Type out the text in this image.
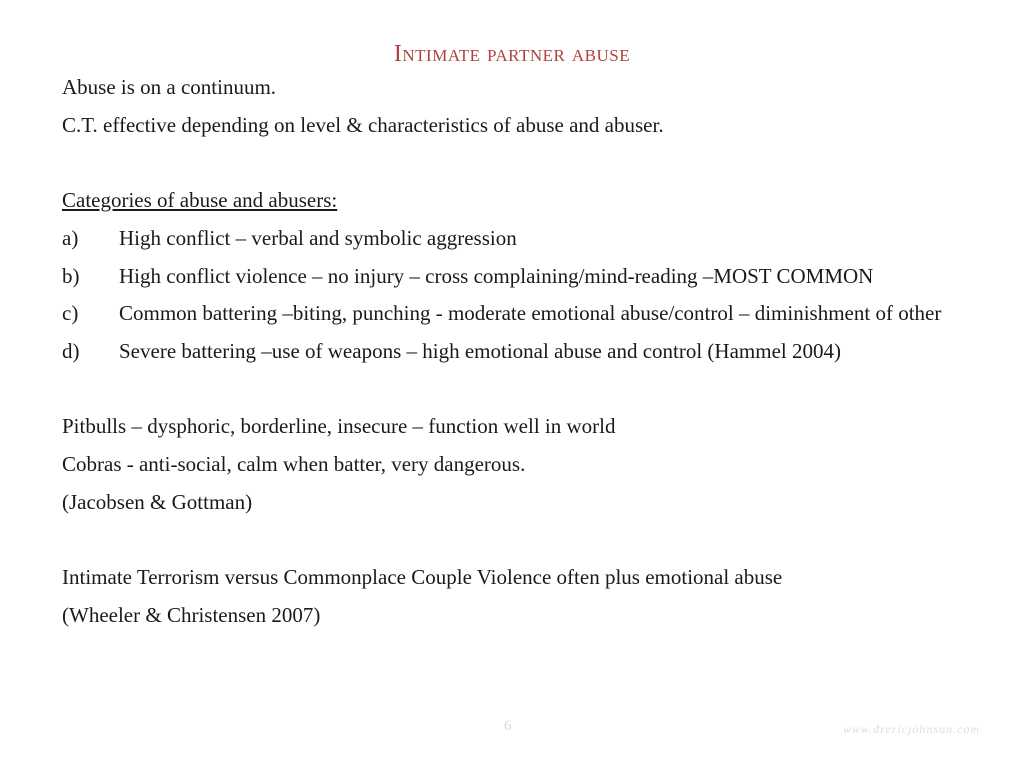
Intimate partner abuse

Abuse is on a continuum.

C.T. effective depending on level & characteristics of abuse and abuser.

Categories of abuse and abusers:

a)	High conflict – verbal and symbolic aggression
b)	High conflict violence – no injury – cross complaining/mind-reading –MOST COMMON
c)	Common battering –biting, punching - moderate emotional abuse/control – diminishment of other
d)	Severe battering –use of weapons – high emotional abuse and control (Hammel 2004)

Pitbulls – dysphoric, borderline, insecure – function well in world

Cobras - anti-social, calm when batter, very dangerous.

(Jacobsen & Gottman)

Intimate Terrorism versus Commonplace Couple Violence often plus emotional abuse

(Wheeler & Christensen 2007)

6	www.drericjohnson.com
